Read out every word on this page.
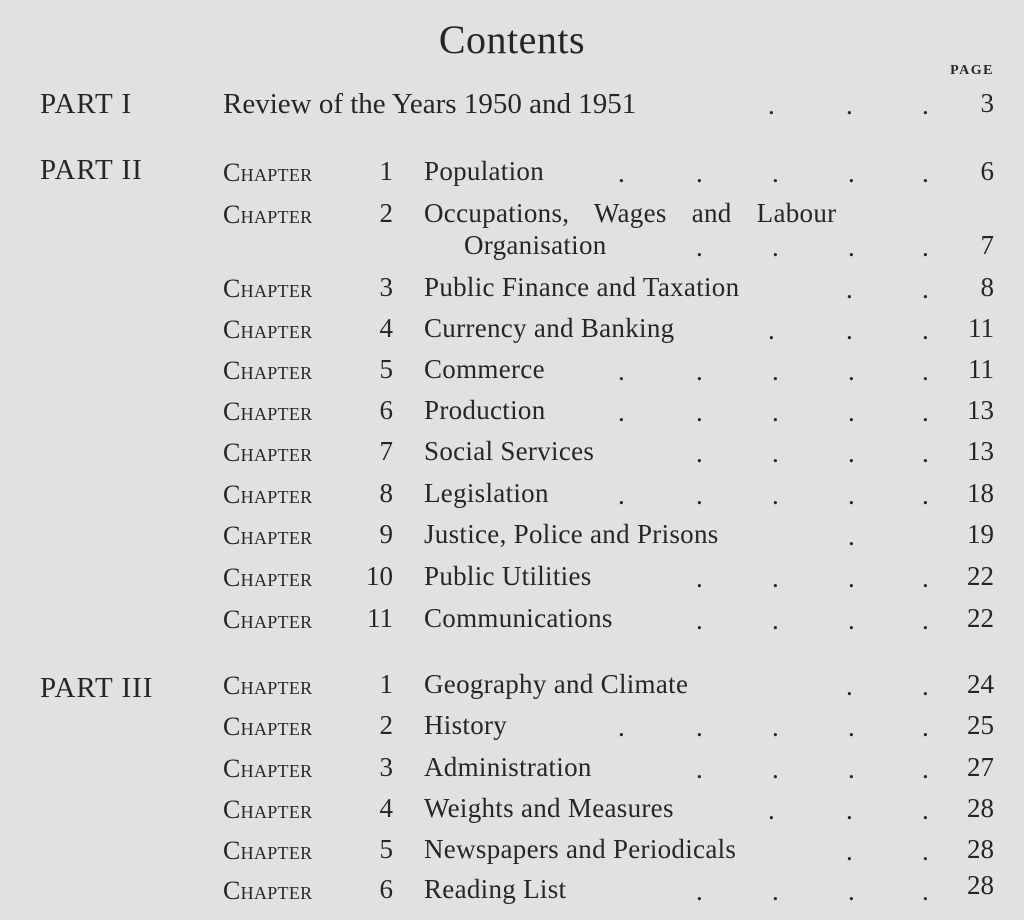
Contents
PAGE
PART I	Review of the Years 1950 and 1951	3
.	.	.
PART II	Chapter	1 Population	6
.	.	.	. .
Chapter	2 Occupations, Wages and Labour
Organisation	7
.	.	. .
Chapter	3 Public Finance and Taxation	8
.	.
Chapter	4 Currency and Banking	11
.	.	.
Chapter	5 Commerce	11
.	.	.	. .
Chapter	6 Production	13
.	.	.	. .
Chapter	7 Social Services	13
.	.	. .
Chapter	8 Legislation	18
.	.	.	. .
Chapter	9 Justice, Police and Prisons	19
.
Chapter	10 Public Utilities	22
.	.	. .
Chapter	11 Communications	22
.	.	. .
PART III	Chapter	1 Geography and Climate	24
.	.
Chapter	2 History	25
.	.	.	. .
Chapter	3 Administration	27
.	.	. .
Chapter	4 Weights and Measures	28
.	.	.
Chapter	5 Newspapers and Periodicals	28
.	.
Chapter	6 Reading List	28
.	.	. .
